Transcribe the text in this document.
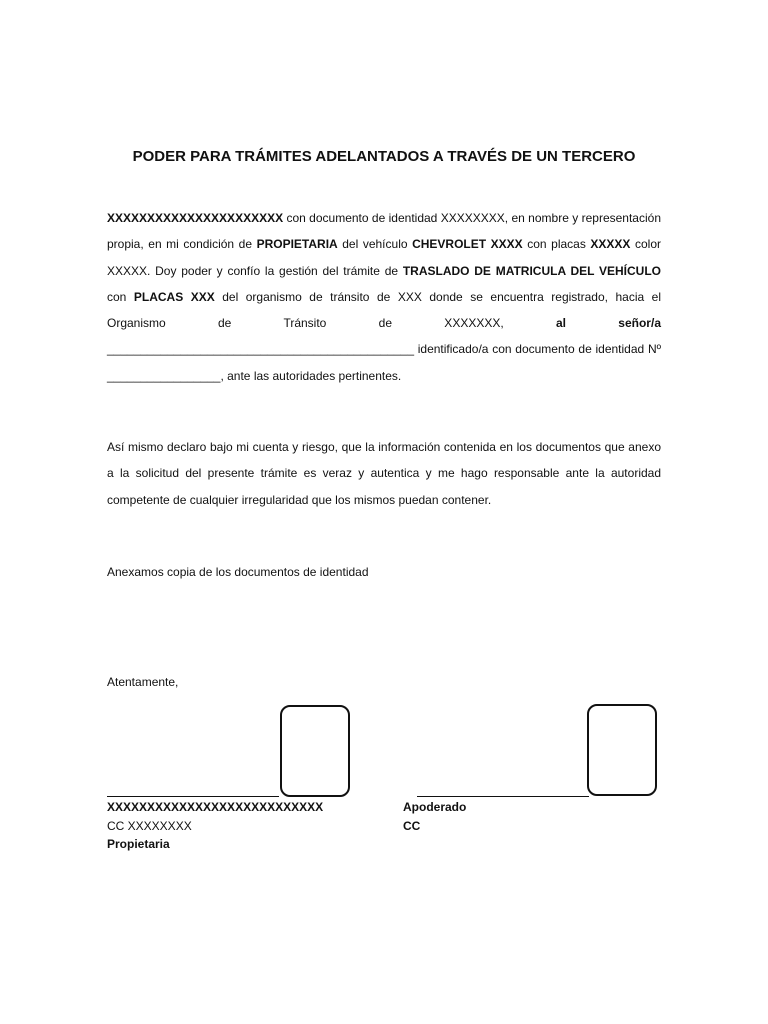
PODER PARA TRÁMITES ADELANTADOS A TRAVÉS DE UN TERCERO
XXXXXXXXXXXXXXXXXXXXXX con documento de identidad XXXXXXXX, en nombre y representación propia, en mi condición de PROPIETARIA del vehículo CHEVROLET XXXX con placas XXXXX color XXXXX. Doy poder y confío la gestión del trámite de TRASLADO DE MATRICULA DEL VEHÍCULO con PLACAS XXX del organismo de tránsito de XXX donde se encuentra registrado, hacia el Organismo de Tránsito de XXXXXXX, al señor/a ______________________________________________ identificado/a con documento de identidad Nº _________________, ante las autoridades pertinentes.
Así mismo declaro bajo mi cuenta y riesgo, que la información contenida en los documentos que anexo a la solicitud del presente trámite es veraz y autentica y me hago responsable ante la autoridad competente de cualquier irregularidad que los mismos puedan contener.
Anexamos copia de los documentos de identidad
Atentamente,
XXXXXXXXXXXXXXXXXXXXXXXXXXX
CC XXXXXXXX
Propietaria
Apoderado
CC
